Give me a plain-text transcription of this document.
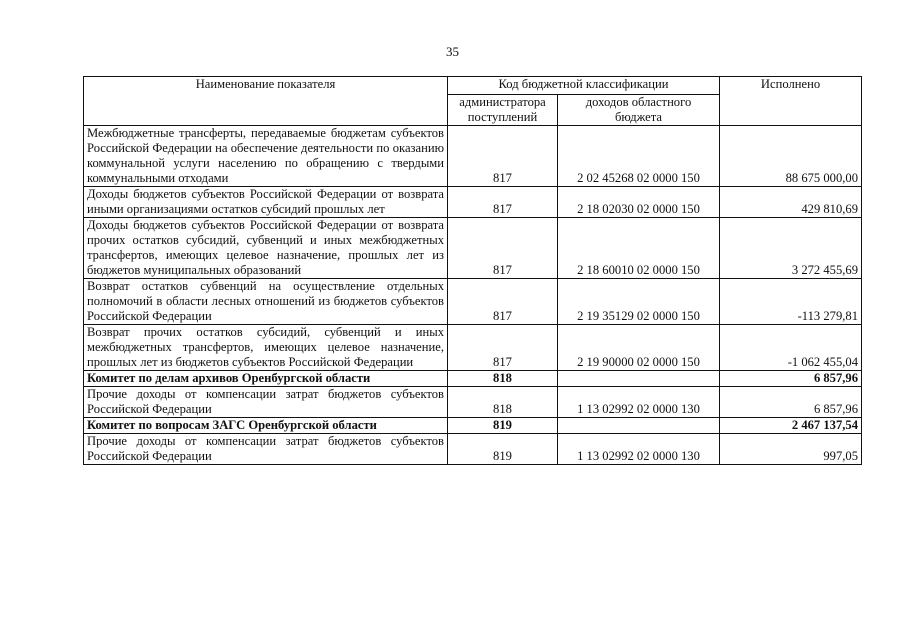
35
Наименование показателя	Код бюджетной классификации		Исполнено
	администратора поступлений	доходов областного бюджета	
Межбюджетные трансферты, передаваемые бюджетам субъектов Российской Федерации на обеспечение деятельности по оказанию коммунальной услуги населению по обращению с твердыми коммунальными отходами	817	2 02 45268 02 0000 150	88 675 000,00
Доходы бюджетов субъектов Российской Федерации от возврата иными организациями остатков субсидий прошлых лет	817	2 18 02030 02 0000 150	429 810,69
Доходы бюджетов субъектов Российской Федерации от возврата прочих остатков субсидий, субвенций и иных межбюджетных трансфертов, имеющих целевое назначение, прошлых лет из бюджетов муниципальных образований	817	2 18 60010 02 0000 150	3 272 455,69
Возврат остатков субвенций на осуществление отдельных полномочий в области лесных отношений из бюджетов субъектов Российской Федерации	817	2 19 35129 02 0000 150	-113 279,81
Возврат прочих остатков субсидий, субвенций и иных межбюджетных трансфертов, имеющих целевое назначение, прошлых лет из бюджетов субъектов Российской Федерации	817	2 19 90000 02 0000 150	-1 062 455,04
Комитет по делам архивов Оренбургской области	818		6 857,96
Прочие доходы от компенсации затрат бюджетов субъектов Российской Федерации	818	1 13 02992 02 0000 130	6 857,96
Комитет по вопросам ЗАГС Оренбургской области	819		2 467 137,54
Прочие доходы от компенсации затрат бюджетов субъектов Российской Федерации	819	1 13 02992 02 0000 130	997,05
